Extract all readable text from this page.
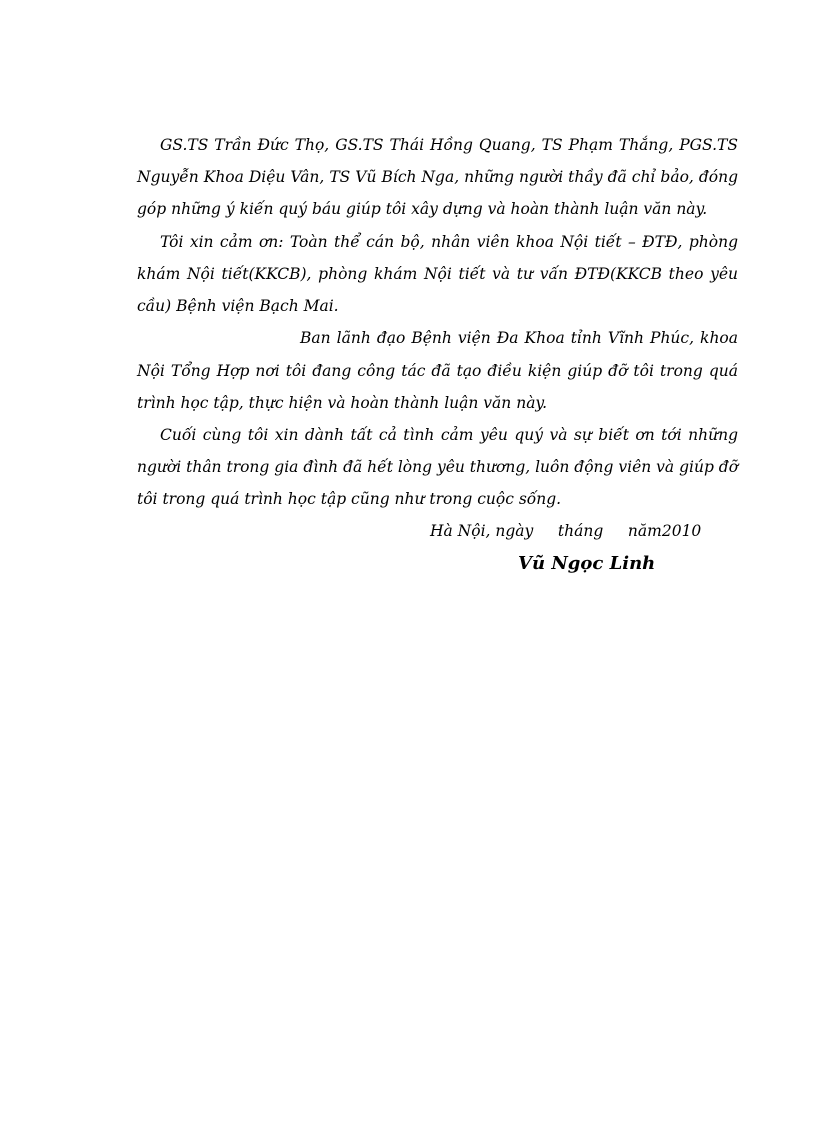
GS.TS Trần Đức Thọ, GS.TS Thái Hồng Quang, TS Phạm Thắng, PGS.TS
Nguyễn Khoa Diệu Vân, TS Vũ Bích Nga, những người thầy đã chỉ bảo, đóng
góp những ý kiến quý báu giúp tôi xây dựng và hoàn thành luận văn này.
Tôi xin cảm ơn: Toàn thể cán bộ, nhân viên khoa Nội tiết – ĐTĐ, phòng
khám Nội tiết(KKCB), phòng khám Nội tiết và tư vấn ĐTĐ(KKCB theo yêu
cầu) Bệnh viện Bạch Mai.
Ban lãnh đạo Bệnh viện Đa Khoa tỉnh Vĩnh Phúc, khoa
Nội Tổng Hợp nơi tôi đang công tác đã tạo điều kiện giúp đỡ tôi trong quá
trình học tập, thực hiện và hoàn thành luận văn này.
Cuối cùng tôi xin dành tất cả tình cảm yêu quý và sự biết ơn tới những
người thân trong gia đình đã hết lòng yêu thương, luôn động viên và giúp đỡ
tôi trong quá trình học tập cũng như trong cuộc sống.
Hà Nội, ngày     tháng     năm2010
Vũ Ngọc Linh
